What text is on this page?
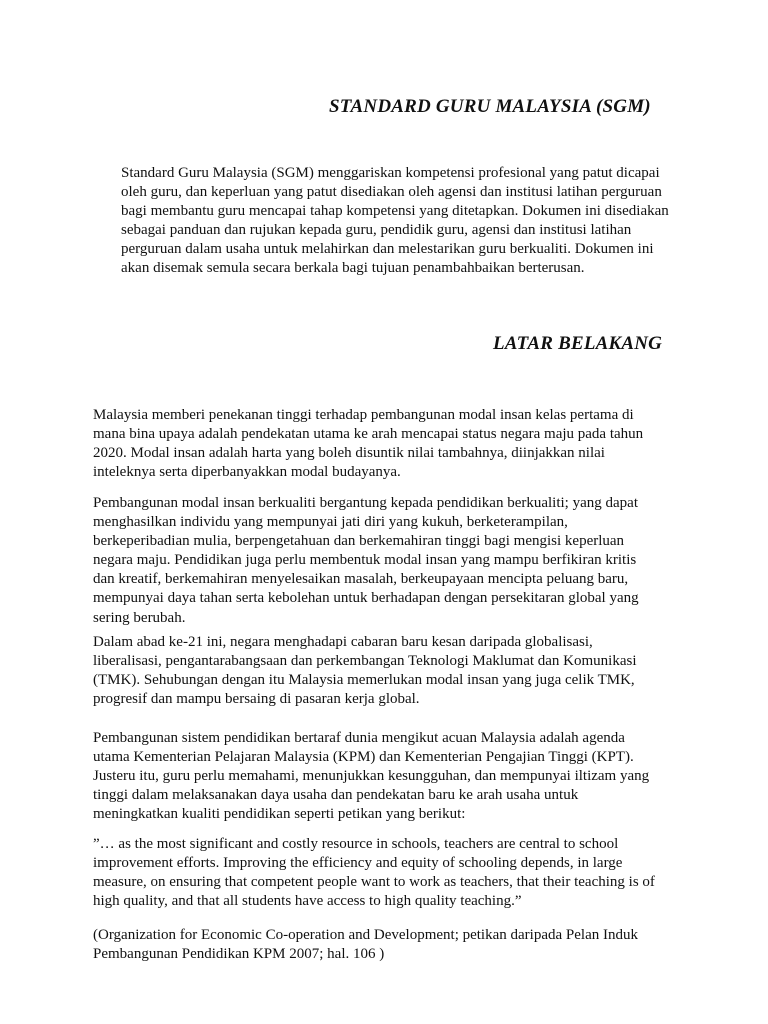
STANDARD GURU MALAYSIA (SGM)
Standard Guru Malaysia (SGM) menggariskan kompetensi profesional yang patut dicapai
oleh guru, dan keperluan yang patut disediakan oleh agensi dan institusi latihan perguruan
bagi membantu guru mencapai tahap kompetensi yang ditetapkan. Dokumen ini disediakan
sebagai panduan dan rujukan kepada guru, pendidik guru, agensi dan institusi latihan
perguruan dalam usaha untuk melahirkan dan melestarikan guru berkualiti. Dokumen ini
akan disemak semula secara berkala bagi tujuan penambahbaikan berterusan.
LATAR BELAKANG
Malaysia memberi penekanan tinggi terhadap pembangunan modal insan kelas pertama di
mana bina upaya adalah pendekatan utama ke arah mencapai status negara maju pada tahun
2020. Modal insan adalah harta yang boleh disuntik nilai tambahnya, diinjakkan nilai
inteleknya serta diperbanyakkan modal budayanya.
Pembangunan modal insan berkualiti bergantung kepada pendidikan berkualiti; yang dapat
menghasilkan individu yang mempunyai jati diri yang kukuh, berketerampilan,
berkeperibadian mulia, berpengetahuan dan berkemahiran tinggi bagi mengisi keperluan
negara maju. Pendidikan juga perlu membentuk modal insan yang mampu berfikiran kritis
dan kreatif, berkemahiran menyelesaikan masalah, berkeupayaan mencipta peluang baru,
mempunyai daya tahan serta kebolehan untuk berhadapan dengan persekitaran global yang
sering berubah.
Dalam abad ke-21 ini, negara menghadapi cabaran baru kesan daripada globalisasi,
liberalisasi, pengantarabangsaan dan perkembangan Teknologi Maklumat dan Komunikasi
(TMK). Sehubungan dengan itu Malaysia memerlukan modal insan yang juga celik TMK,
progresif dan mampu bersaing di pasaran kerja global.
Pembangunan sistem pendidikan bertaraf dunia mengikut acuan Malaysia adalah agenda
utama Kementerian Pelajaran Malaysia (KPM) dan Kementerian Pengajian Tinggi (KPT).
Justeru itu, guru perlu memahami, menunjukkan kesungguhan, dan mempunyai iltizam yang
tinggi dalam melaksanakan daya usaha dan pendekatan baru ke arah usaha untuk
meningkatkan kualiti pendidikan seperti petikan yang berikut:
”… as the most significant and costly resource in schools, teachers are central to school
improvement efforts. Improving the efficiency and equity of schooling depends, in large
measure, on ensuring that competent people want to work as teachers, that their teaching is of
high quality, and that all students have access to high quality teaching.”
(Organization for Economic Co-operation and Development; petikan daripada Pelan Induk
Pembangunan Pendidikan KPM 2007; hal. 106 )
